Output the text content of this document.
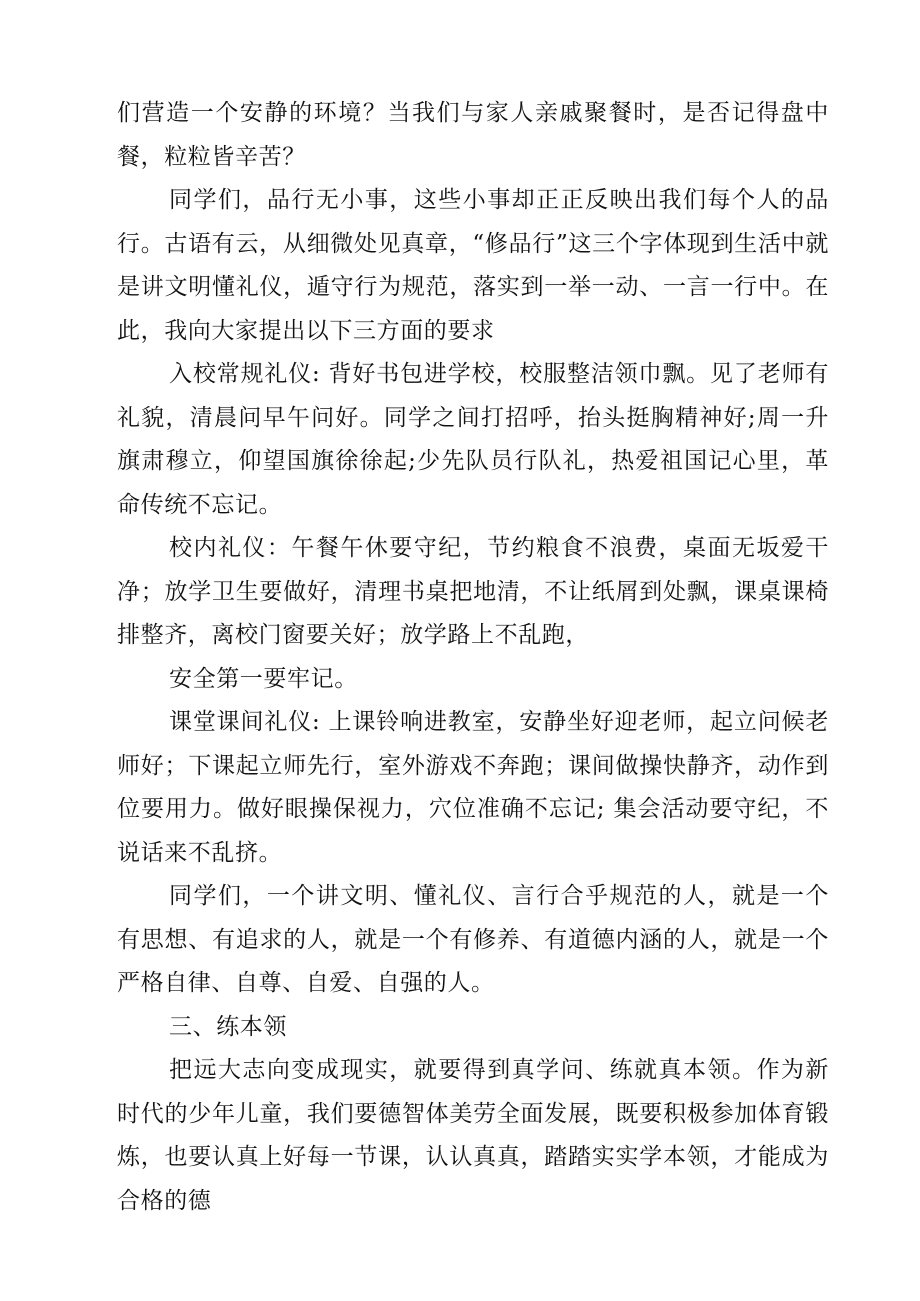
们营造一个安静的环境？当我们与家人亲戚聚餐时，是否记得盘中餐，粒粒皆辛苦？

同学们，品行无小事，这些小事却正正反映出我们每个人的品行。古语有云，从细微处见真章，“修品行”这三个字体现到生活中就是讲文明懂礼仪，遁守行为规范，落实到一举一动、一言一行中。在此，我向大家提出以下三方面的要求

入校常规礼仪: 背好书包进学校，校服整洁领巾飘。见了老师有礼貌，清晨问早午问好。同学之间打招呼，抬头挺胸精神好;周一升旗肃穆立，仰望国旗徐徐起;少先队员行队礼，热爱祖国记心里，革命传统不忘记。

校内礼仪：午餐午休要守纪，节约粮食不浪费，桌面无坂爱干净；放学卫生要做好，清理书桌把地清，不让纸屑到处飘，课桌课椅排整齐，离校门窗要关好；放学路上不乱跑，

安全第一要牢记。

课堂课间礼仪: 上课铃响进教室，安静坐好迎老师，起立问候老师好；下课起立师先行，室外游戏不奔跑；课间做操快静齐，动作到位要用力。做好眼操保视力，穴位准确不忘记; 集会活动要守纪，不说话来不乱挤。

同学们，一个讲文明、懂礼仪、言行合乎规范的人，就是一个有思想、有追求的人，就是一个有修养、有道德内涵的人，就是一个严格自律、自尊、自爱、自强的人。

三、练本领

把远大志向变成现实，就要得到真学问、练就真本领。作为新时代的少年儿童，我们要德智体美劳全面发展，既要积极参加体育锻炼，也要认真上好每一节课，认认真真，踏踏实实学本领，才能成为合格的德
